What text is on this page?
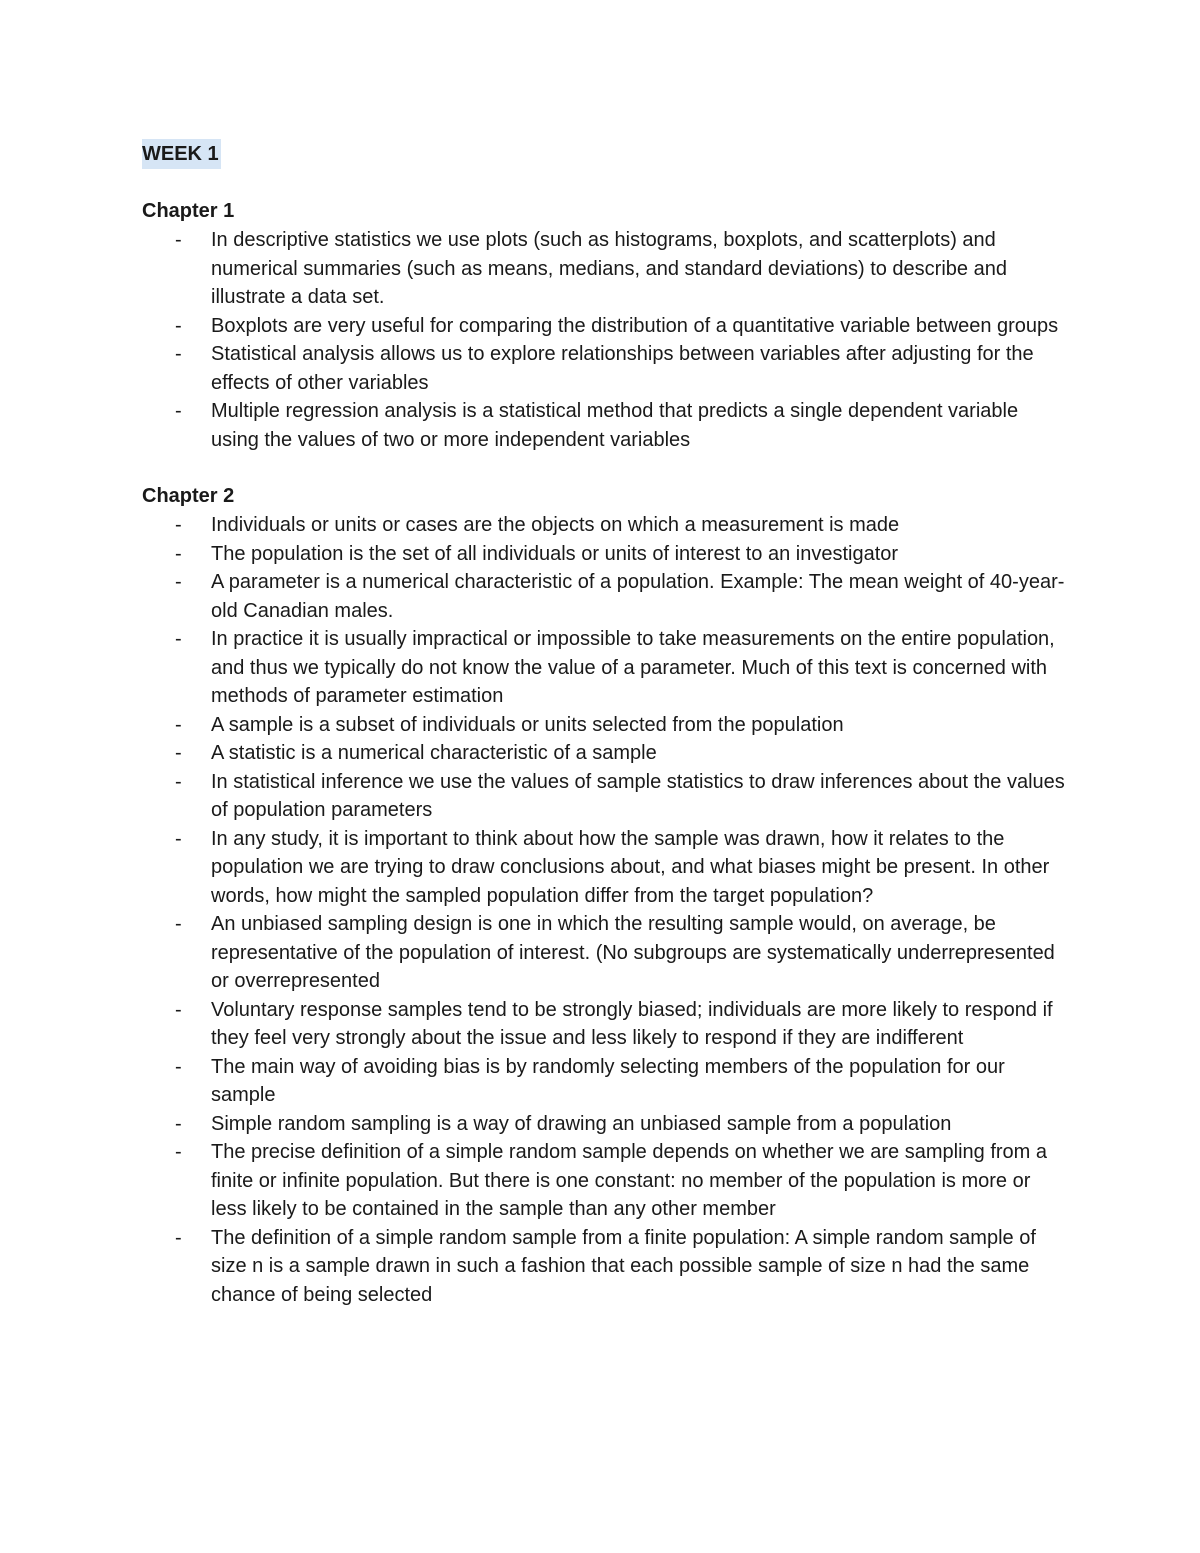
WEEK 1
Chapter 1
- In descriptive statistics we use plots (such as histograms, boxplots, and scatterplots) and numerical summaries (such as means, medians, and standard deviations) to describe and illustrate a data set.
- Boxplots are very useful for comparing the distribution of a quantitative variable between groups
- Statistical analysis allows us to explore relationships between variables after adjusting for the effects of other variables
- Multiple regression analysis is a statistical method that predicts a single dependent variable using the values of two or more independent variables
Chapter 2
- Individuals or units or cases are the objects on which a measurement is made
- The population is the set of all individuals or units of interest to an investigator
- A parameter is a numerical characteristic of a population. Example: The mean weight of 40-year-old Canadian males.
- In practice it is usually impractical or impossible to take measurements on the entire population, and thus we typically do not know the value of a parameter. Much of this text is concerned with methods of parameter estimation
- A sample is a subset of individuals or units selected from the population
- A statistic is a numerical characteristic of a sample
- In statistical inference we use the values of sample statistics to draw inferences about the values of population parameters
- In any study, it is important to think about how the sample was drawn, how it relates to the population we are trying to draw conclusions about, and what biases might be present. In other words, how might the sampled population differ from the target population?
- An unbiased sampling design is one in which the resulting sample would, on average, be representative of the population of interest. (No subgroups are systematically underrepresented or overrepresented
- Voluntary response samples tend to be strongly biased; individuals are more likely to respond if they feel very strongly about the issue and less likely to respond if they are indifferent
- The main way of avoiding bias is by randomly selecting members of the population for our sample
- Simple random sampling is a way of drawing an unbiased sample from a population
- The precise definition of a simple random sample depends on whether we are sampling from a finite or infinite population. But there is one constant: no member of the population is more or less likely to be contained in the sample than any other member
- The definition of a simple random sample from a finite population: A simple random sample of size n is a sample drawn in such a fashion that each possible sample of size n had the same chance of being selected
